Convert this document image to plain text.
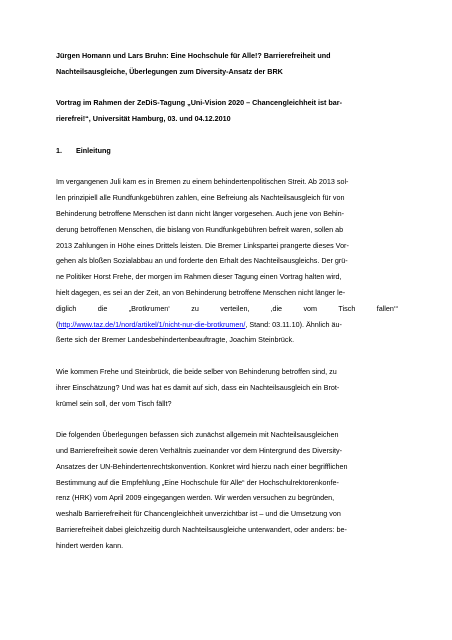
Jürgen Homann und Lars Bruhn: Eine Hochschule für Alle!? Barrierefreiheit und
Nachteilsausgleiche, Überlegungen zum Diversity-Ansatz der BRK
Vortrag im Rahmen der ZeDiS-Tagung „Uni-Vision 2020 – Chancengleichheit ist bar-
rierefrei!“, Universität Hamburg, 03. und 04.12.2010
1.	Einleitung
Im vergangenen Juli kam es in Bremen zu einem behindertenpolitischen Streit. Ab 2013 sol-
len prinzipiell alle Rundfunkgebühren zahlen, eine Befreiung als Nachteilsausgleich für von
Behinderung betroffene Menschen ist dann nicht länger vorgesehen. Auch jene von Behin-
derung betroffenen Menschen, die bislang von Rundfunkgebühren befreit waren, sollen ab
2013 Zahlungen in Höhe eines Drittels leisten. Die Bremer Linkspartei prangerte dieses Vor-
gehen als bloßen Sozialabbau an und forderte den Erhalt des Nachteilsausgleichs. Der grü-
ne Politiker Horst Frehe, der morgen im Rahmen dieser Tagung einen Vortrag halten wird,
hielt dagegen, es sei an der Zeit, an von Behinderung betroffene Menschen nicht länger le-
diglich	die	„Brotkrumen‘	zu	verteilen,	‚die	vom	Tisch	fallen‘“
(http://www.taz.de/1/nord/artikel/1/nicht-nur-die-brotkrumen/, Stand: 03.11.10). Ähnlich äu-
ßerte sich der Bremer Landesbehindertenbeauftragte, Joachim Steinbrück.
Wie kommen Frehe und Steinbrück, die beide selber von Behinderung betroffen sind, zu
ihrer Einschätzung? Und was hat es damit auf sich, dass ein Nachteilsausgleich ein Brot-
krümel sein soll, der vom Tisch fällt?
Die folgenden Überlegungen befassen sich zunächst allgemein mit Nachteilsausgleichen
und Barrierefreiheit sowie deren Verhältnis zueinander vor dem Hintergrund des Diversity-
Ansatzes der UN-Behindertenrechtskonvention. Konkret wird hierzu nach einer begrifflichen
Bestimmung auf die Empfehlung „Eine Hochschule für Alle“ der Hochschulrektorenkonfe-
renz (HRK) vom April 2009 eingegangen werden. Wir werden versuchen zu begründen,
weshalb Barrierefreiheit für Chancengleichheit unverzichtbar ist – und die Umsetzung von
Barrierefreiheit dabei gleichzeitig durch Nachteilsausgleiche unterwandert, oder anders: be-
hindert werden kann.
